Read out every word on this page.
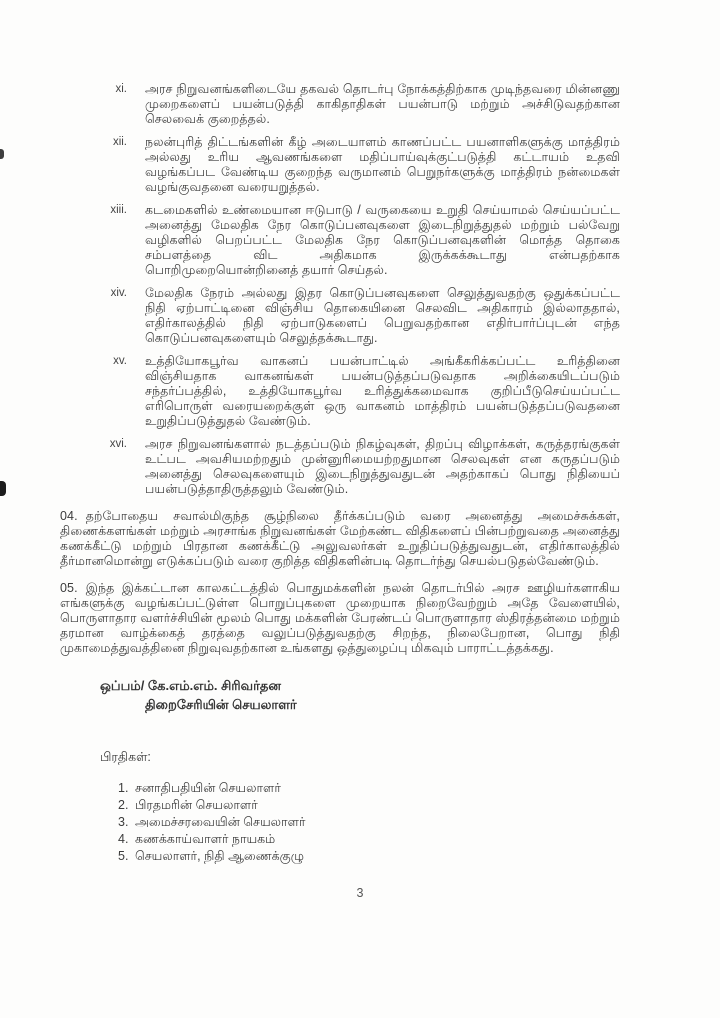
xi. அரச நிறுவனங்களிடையே தகவல் தொடர்பு நோக்கத்திற்காக முடிந்தவரை மின்னணு முறைகளைப் பயன்படுத்தி காகிதாதிகள் பயன்பாடு மற்றும் அச்சிடுவதற்கான செலவைக் குறைத்தல்.
xii. நலன்புரித் திட்டங்களின் கீழ் அடையாளம் காணப்பட்ட பயனாளிகளுக்கு மாத்திரம் அல்லது உரிய ஆவணங்களை மதிப்பாய்வுக்குட்படுத்தி கட்டாயம் உதவி வழங்கப்பட வேண்டிய குறைந்த வருமானம் பெறுநர்களுக்கு மாத்திரம் நன்மைகள் வழங்குவதனை வரையறுத்தல்.
xiii. கடமைகளில் உண்மையான ஈடுபாடு / வருகையை உறுதி செய்யாமல் செய்யப்பட்ட அனைத்து மேலதிக நேர கொடுப்பனவுகளை இடைநிறுத்துதல் மற்றும் பல்வேறு வழிகளில் பெறப்பட்ட மேலதிக நேர கொடுப்பனவுகளின் மொத்த தொகை சம்பளத்தை விட அதிகமாக இருக்கக்கூடாது என்பதற்காக பொறிமுறையொன்றினைத் தயார் செய்தல்.
xiv. மேலதிக நேரம் அல்லது இதர கொடுப்பனவுகளை செலுத்துவதற்கு ஒதுக்கப்பட்ட நிதி ஏற்பாட்டினை விஞ்சிய தொகையினை செலவிட அதிகாரம் இல்லாததால், எதிர்காலத்தில் நிதி ஏற்பாடுகளைப் பெறுவதற்கான எதிர்பார்ப்புடன் எந்த கொடுப்பனவுகளையும் செலுத்தக்கூடாது.
xv. உத்தியோகபூர்வ வாகனப் பயன்பாட்டில் அங்கீகரிக்கப்பட்ட உரித்தினை விஞ்சியதாக வாகனங்கள் பயன்படுத்தப்படுவதாக அறிக்கையிடப்படும் சந்தர்ப்பத்தில், உத்தியோகபூர்வ உரித்துக்கமைவாக குறிப்பீடுசெய்யப்பட்ட எரிபொருள் வரையறைக்குள் ஒரு வாகனம் மாத்திரம் பயன்படுத்தப்படுவதனை உறுதிப்படுத்துதல் வேண்டும்.
xvi. அரச நிறுவனங்களால் நடத்தப்படும் நிகழ்வுகள், திறப்பு விழாக்கள், கருத்தரங்குகள் உட்பட அவசியமற்றதும் முன்னுரிமையற்றதுமான செலவுகள் என கருதப்படும் அனைத்து செலவுகளையும் இடைநிறுத்துவதுடன் அதற்காகப் பொது நிதியைப் பயன்படுத்தாதிருத்தலும் வேண்டும்.

04. தற்போதைய சவால்மிகுந்த சூழ்நிலை தீர்க்கப்படும் வரை அனைத்து அமைச்சுக்கள், திணைக்களங்கள் மற்றும் அரசாங்க நிறுவனங்கள் மேற்கண்ட விதிகளைப் பின்பற்றுவதை அனைத்து கணக்கீட்டு மற்றும் பிரதான கணக்கீட்டு அலுவலர்கள் உறுதிப்படுத்துவதுடன், எதிர்காலத்தில் தீர்மானமொன்று எடுக்கப்படும் வரை குறித்த விதிகளின்படி தொடர்ந்து செயல்படுதல்வேண்டும்.

05. இந்த இக்கட்டான காலகட்டத்தில் பொதுமக்களின் நலன் தொடர்பில் அரச ஊழியர்களாகிய எங்களுக்கு வழங்கப்பட்டுள்ள பொறுப்புகளை முறையாக நிறைவேற்றும் அதே வேளையில், பொருளாதார வளர்ச்சியின் மூலம் பொது மக்களின் பேரண்டப் பொருளாதார ஸ்திரத்தன்மை மற்றும் தரமான வாழ்க்கைத் தரத்தை வலுப்படுத்துவதற்கு சிறந்த, நிலைபேறான, பொது நிதி முகாமைத்துவத்தினை நிறுவுவதற்கான உங்களது ஒத்துழைப்பு மிகவும் பாராட்டத்தக்கது.

ஒப்பம்/ கே.எம்.எம். சிரிவர்தன
திறைசேரியின் செயலாளர்
பிரதிகள்:
1. சனாதிபதியின் செயலாளர்
2. பிரதமரின் செயலாளர்
3. அமைச்சரவையின் செயலாளர்
4. கணக்காய்வாளர் நாயகம்
5. செயலாளர், நிதி ஆணைக்குழு
3
